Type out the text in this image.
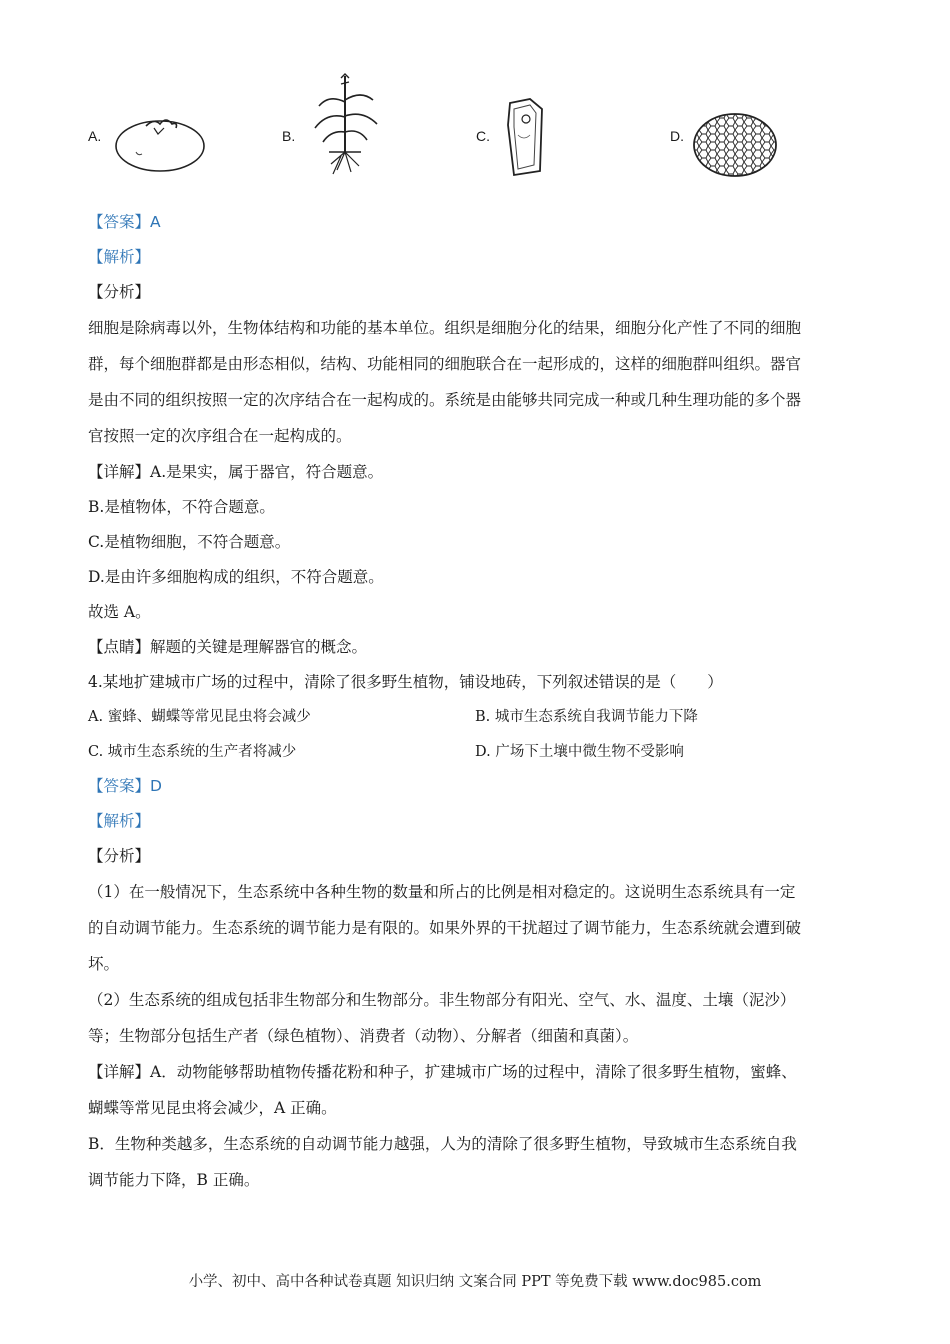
A.	B.	C.	D.
【答案】A
【解析】
【分析】
细胞是除病毒以外，生物体结构和功能的基本单位。组织是细胞分化的结果，细胞分化产性了不同的细胞
群，每个细胞群都是由形态相似，结构、功能相同的细胞联合在一起形成的，这样的细胞群叫组织。器官
是由不同的组织按照一定的次序结合在一起构成的。系统是由能够共同完成一种或几种生理功能的多个器
官按照一定的次序组合在一起构成的。
【详解】A.是果实，属于器官，符合题意。
B.是植物体，不符合题意。
C.是植物细胞，不符合题意。
D.是由许多细胞构成的组织，不符合题意。
故选 A。
【点睛】解题的关键是理解器官的概念。
4.某地扩建城市广场的过程中，清除了很多野生植物，铺设地砖，下列叙述错误的是（　　）
A. 蜜蜂、蝴蝶等常见昆虫将会减少	B. 城市生态系统自我调节能力下降
C. 城市生态系统的生产者将减少	D. 广场下土壤中微生物不受影响
【答案】D
【解析】
【分析】
（1）在一般情况下，生态系统中各种生物的数量和所占的比例是相对稳定的。这说明生态系统具有一定
的自动调节能力。生态系统的调节能力是有限的。如果外界的干扰超过了调节能力，生态系统就会遭到破
坏。
（2）生态系统的组成包括非生物部分和生物部分。非生物部分有阳光、空气、水、温度、土壤（泥沙）
等；生物部分包括生产者（绿色植物）、消费者（动物）、分解者（细菌和真菌）。
【详解】A．动物能够帮助植物传播花粉和种子，扩建城市广场的过程中，清除了很多野生植物，蜜蜂、
蝴蝶等常见昆虫将会减少，A 正确。
B．生物种类越多，生态系统的自动调节能力越强，人为的清除了很多野生植物，导致城市生态系统自我
调节能力下降，B 正确。
小学、初中、高中各种试卷真题 知识归纳 文案合同 PPT 等免费下载 www.doc985.com
